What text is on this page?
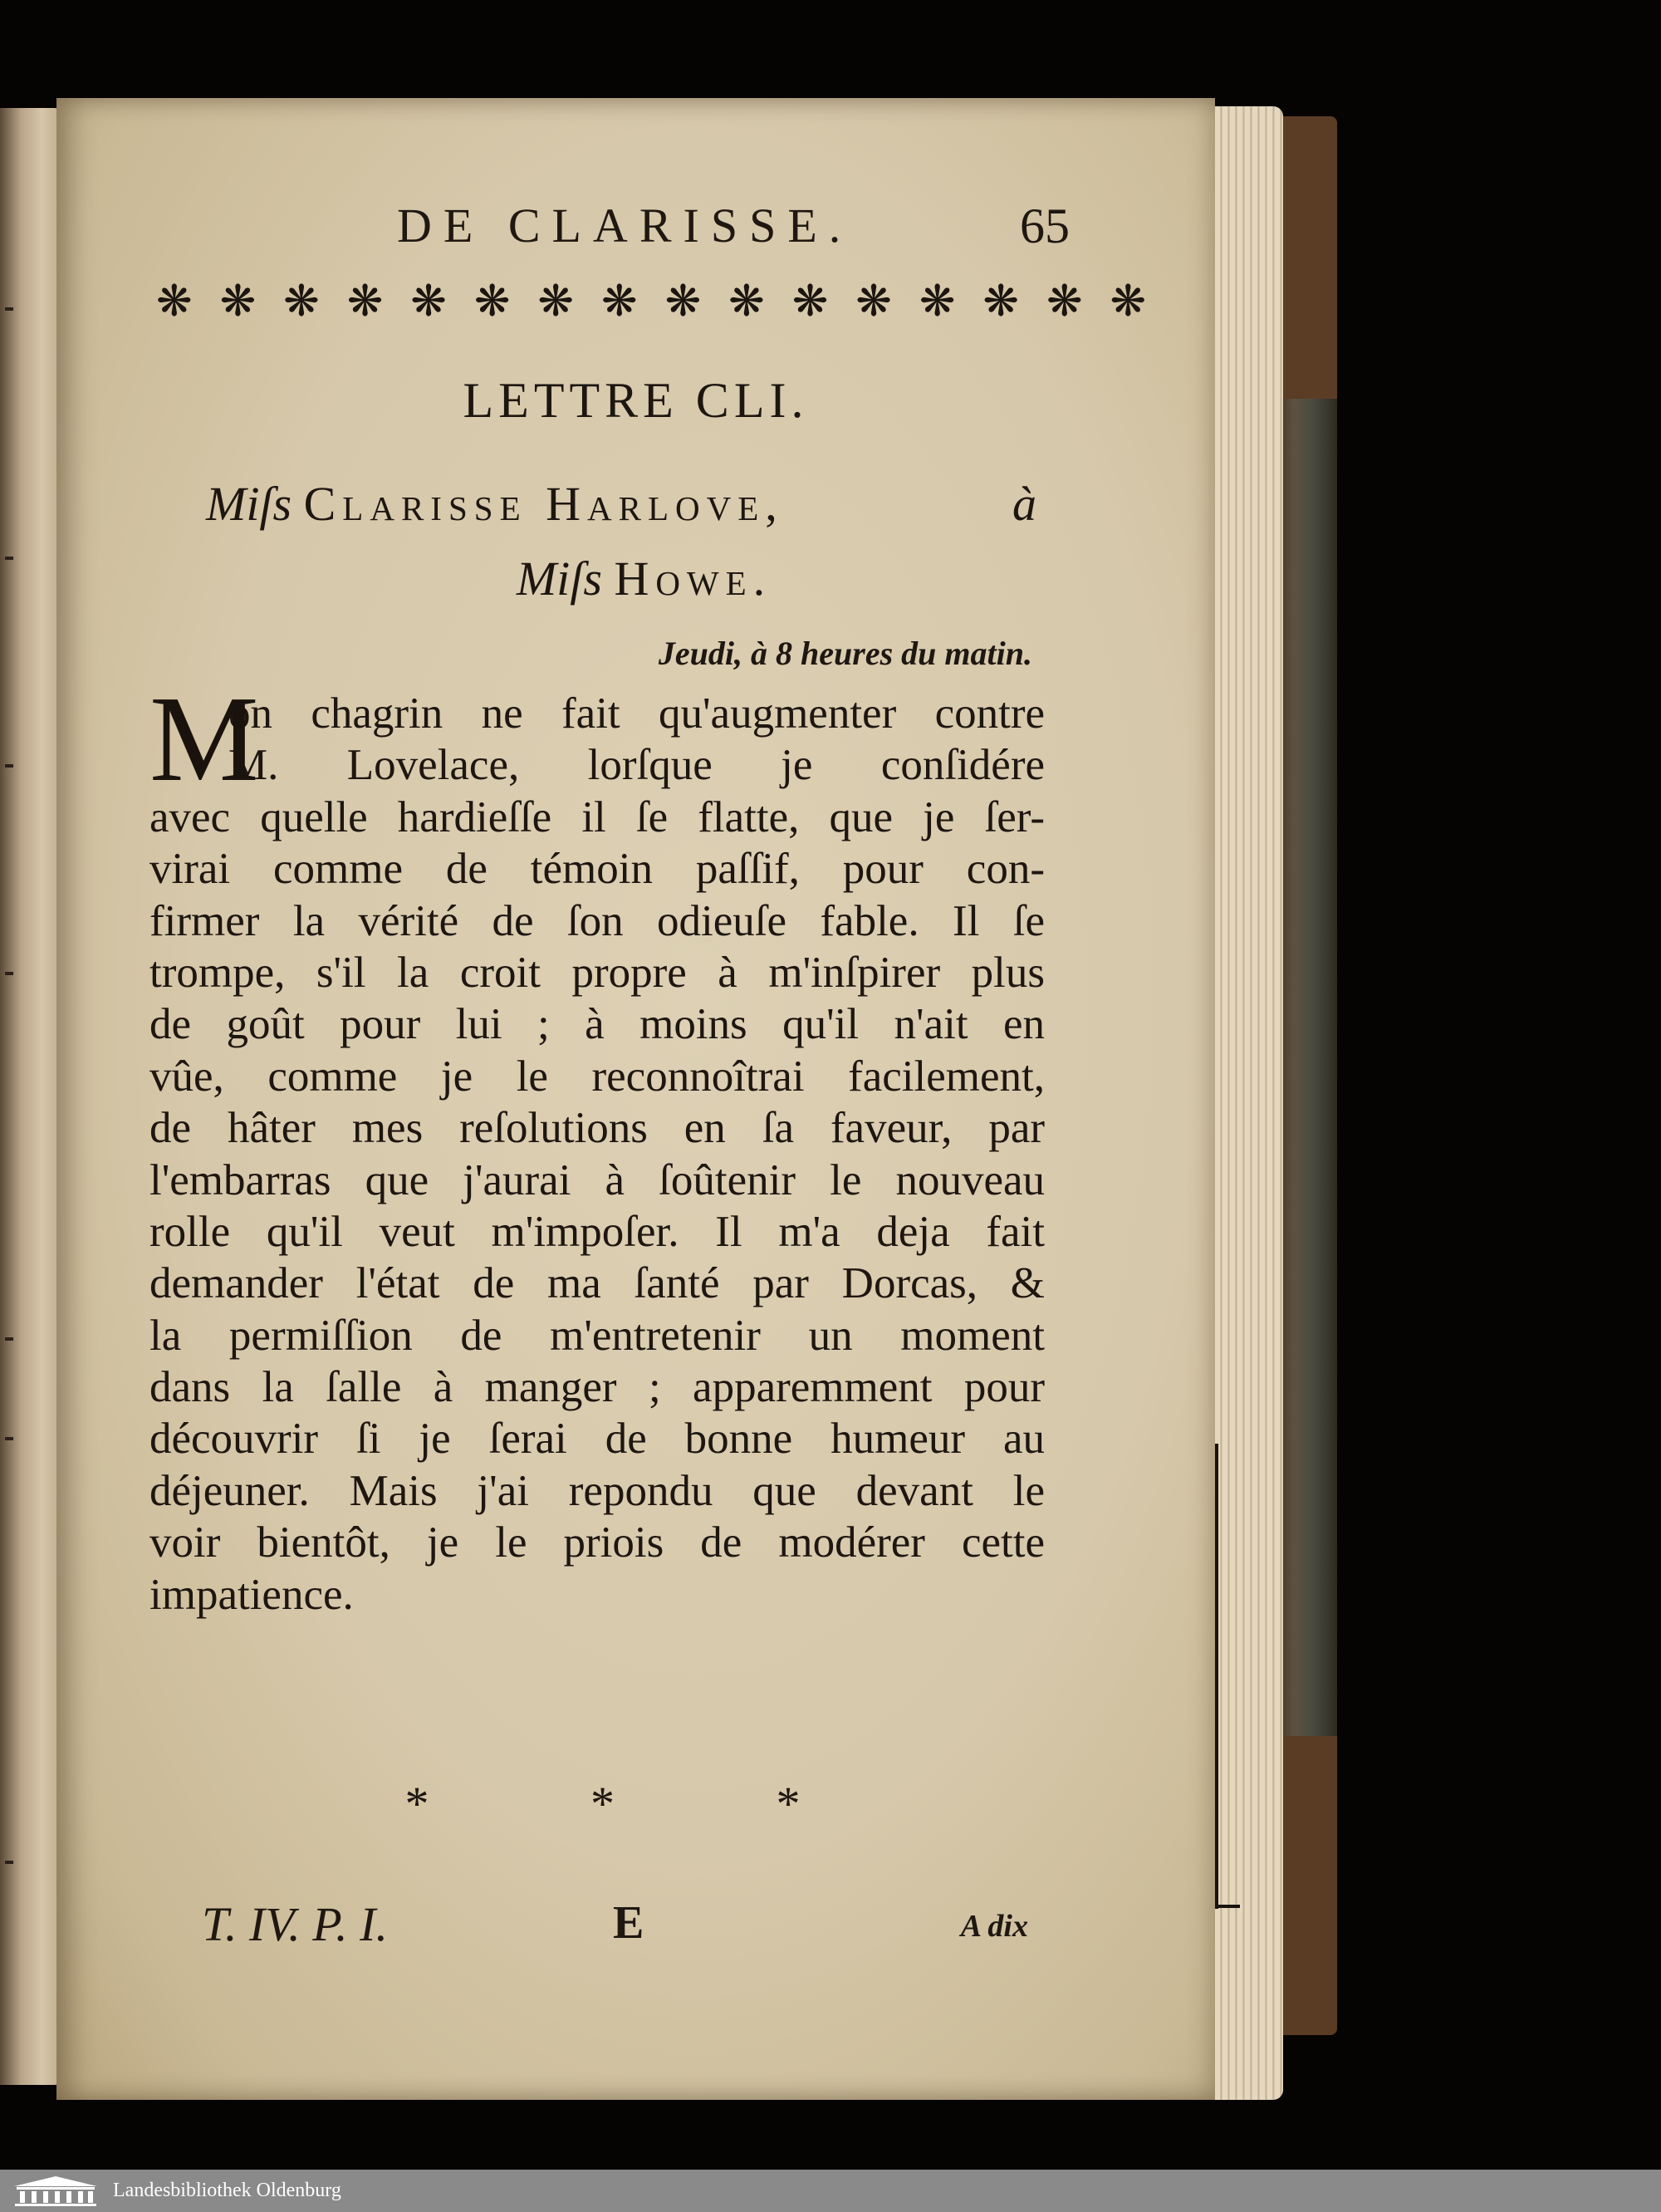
DE CLARISSE.	65
❋ ❋ ❋ ❋ ❋ ❋ ❋ ❋ ❋ ❋ ❋ ❋ ❋ ❋ ❋ ❋
LETTRE CLI.
Miſs Clarisse Harlove,	à
Miſs Howe.
Jeudi, à 8 heures du matin.
M
on chagrin ne fait qu'augmenter contre
M. Lovelace, lorſque je conſidére
avec quelle hardieſſe il ſe flatte, que je ſer-
virai comme de témoin paſſif, pour con-
firmer la vérité de ſon odieuſe fable. Il ſe
trompe, s'il la croit propre à m'inſpirer plus
de goût pour lui ; à moins qu'il n'ait en
vûe, comme je le reconnoîtrai facilement,
de hâter mes reſolutions en ſa faveur, par
l'embarras que j'aurai à ſoûtenir le nouveau
rolle qu'il veut m'impoſer. Il m'a deja fait
demander l'état de ma ſanté par Dorcas, &
la permiſſion de m'entretenir un moment
dans la ſalle à manger ; apparemment pour
découvrir ſi je ſerai de bonne humeur au
déjeuner. Mais j'ai repondu que devant le
voir bientôt, je le priois de modérer cette
impatience.
* * *
T. IV. P. I.	E	A dix
Landesbibliothek Oldenburg
